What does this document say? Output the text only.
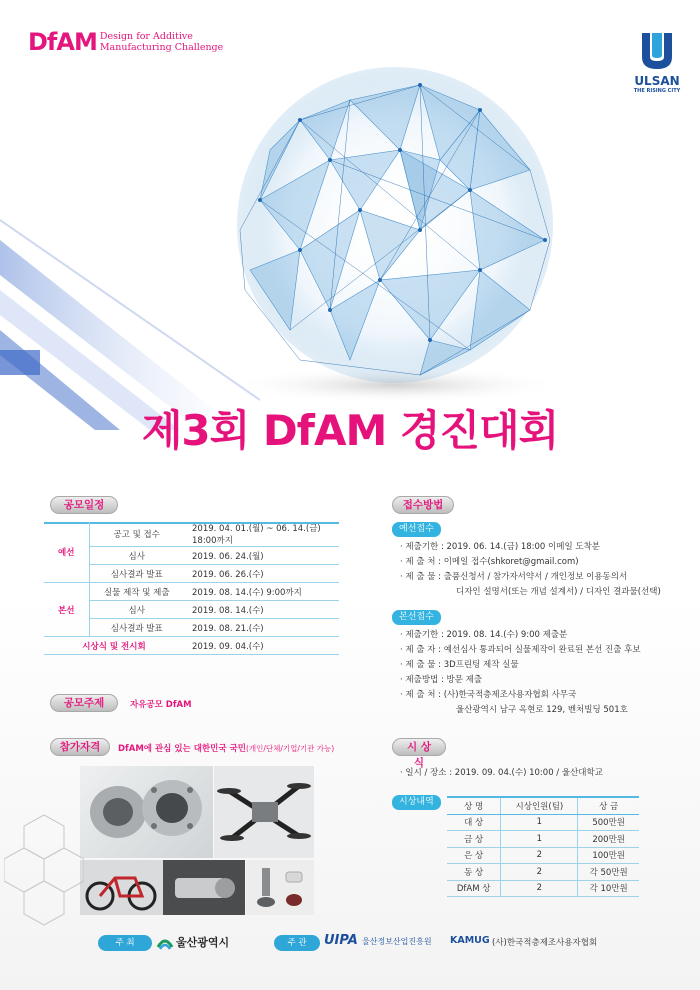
DfAM Design for Additive
Manufacturing Challenge
ULSAN
THE RISING CITY
제3회 DfAM 경진대회
공모일정
예선	공고 및 접수	2019. 04. 01.(월) ~ 06. 14.(금) 18:00까지
	심사	2019. 06. 24.(월)
	심사결과 발표	2019. 06. 26.(수)
본선	실물 제작 및 제출	2019. 08. 14.(수) 9:00까지
	심사	2019. 08. 14.(수)
	심사결과 발표	2019. 08. 21.(수)
시상식 및 전시회		2019. 09. 04.(수)
공모주제	자유공모 DfAM
참가자격	DfAM에 관심 있는 대한민국 국민(개인/단체/기업/기관 가능)
접수방법
예선접수
· 제출기한 : 2019. 06. 14.(금) 18:00 이메일 도착분
· 제 출 처 : 이메일 접수(shkoret@gmail.com)
· 제 출 물 : 출품신청서 / 참가자서약서 / 개인정보 이용동의서
디자인 설명서(또는 개념 설계서) / 디자인 결과물(선택)
본선접수
· 제출기한 : 2019. 08. 14.(수) 9:00 제출분
· 제 출 자 : 예선심사 통과되어 실물제작이 완료된 본선 진출 후보
· 제 출 물 : 3D프린팅 제작 실물
· 제출방법 : 방문 제출
· 제 출 처 : (사)한국적층제조사용자협회 사무국
울산광역시 남구 옥현로 129, 벤처빌딩 501호
시 상 식
· 일시 / 장소 : 2019. 09. 04.(수) 10:00 / 울산대학교
시상내역	상 명	시상인원(팀)	상 금
대 상	1	500만원
금 상	1	200만원
은 상	2	100만원
동 상	2	각 50만원
DfAM 상	2	각 10만원
주 최	울산광역시	주 관	UIPA 울산정보산업진흥원 KAMUG (사)한국적층제조사용자협회
